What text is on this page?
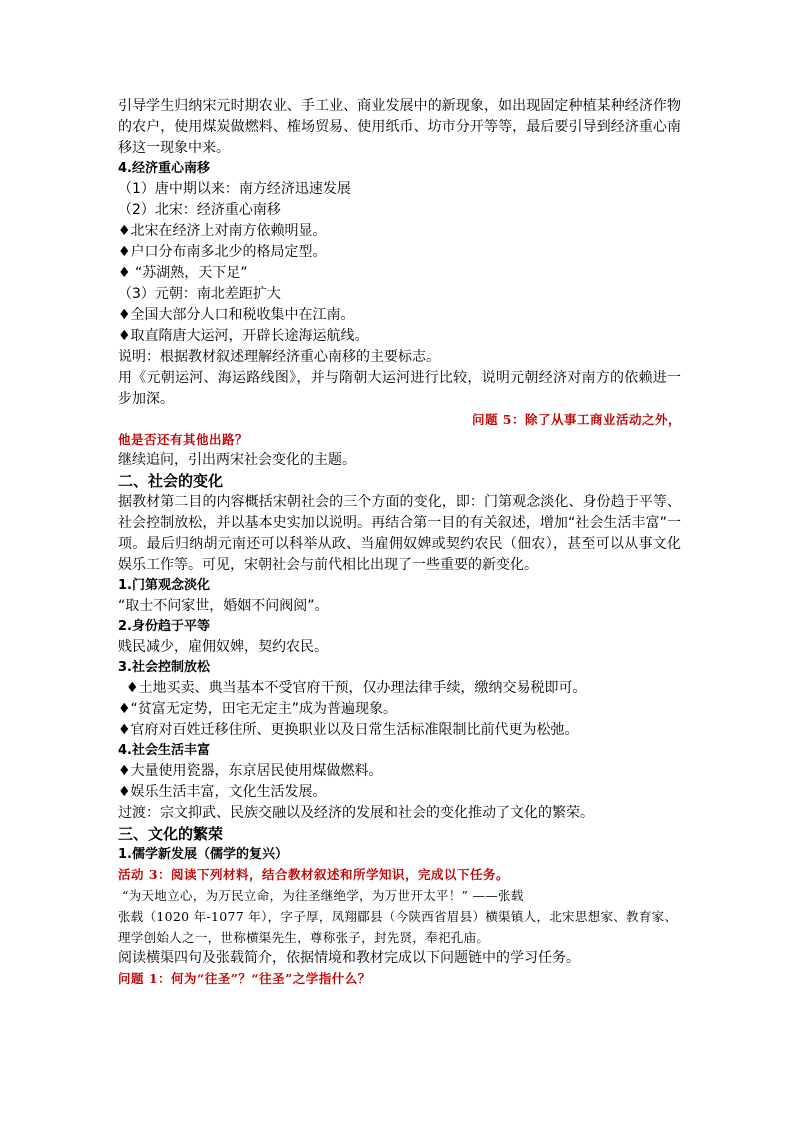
引导学生归纳宋元时期农业、手工业、商业发展中的新现象，如出现固定种植某种经济作物的农户，使用煤炭做燃料、榷场贸易、使用纸币、坊市分开等等，最后要引导到经济重心南移这一现象中来。

4.经济重心南移

（1）唐中期以来：南方经济迅速发展

（2）北宋：经济重心南移

♦北宋在经济上对南方依赖明显。

♦户口分布南多北少的格局定型。

♦ “苏湖熟，天下足”

（3）元朝：南北差距扩大

♦全国大部分人口和税收集中在江南。

♦取直隋唐大运河，开辟长途海运航线。

说明：根据教材叙述理解经济重心南移的主要标志。

用《元朝运河、海运路线图》，并与隋朝大运河进行比较，说明元朝经济对南方的依赖进一步加深。

问题 5：除了从事工商业活动之外，

他是否还有其他出路？

继续追问，引出两宋社会变化的主题。

二、社会的变化

据教材第二目的内容概括宋朝社会的三个方面的变化，即：门第观念淡化、身份趋于平等、社会控制放松，并以基本史实加以说明。再结合第一目的有关叙述，增加“社会生活丰富”一项。最后归纳胡元南还可以科举从政、当雇佣奴婢或契约农民（佃农），甚至可以从事文化娱乐工作等。可见，宋朝社会与前代相比出现了一些重要的新变化。

1.门第观念淡化

“取士不问家世，婚姻不问阀阅”。

2.身份趋于平等

贱民减少，雇佣奴婢，契约农民。

3.社会控制放松

♦土地买卖、典当基本不受官府干预，仅办理法律手续，缴纳交易税即可。

♦“贫富无定势，田宅无定主”成为普遍现象。

♦官府对百姓迁移住所、更换职业以及日常生活标准限制比前代更为松弛。

4.社会生活丰富

♦大量使用瓷器，东京居民使用煤做燃料。

♦娱乐生活丰富，文化生活发展。

过渡：宗文抑武、民族交融以及经济的发展和社会的变化推动了文化的繁荣。

三、文化的繁荣

1.儒学新发展（儒学的复兴）

活动 3：阅读下列材料，结合教材叙述和所学知识，完成以下任务。

“为天地立心，为万民立命，为往圣继绝学，为万世开太平！” ——张载

张载（1020 年-1077 年），字子厚，凤翔郿县（今陕西省眉县）横渠镇人，北宋思想家、教育家、理学创始人之一，世称横渠先生，尊称张子，封先贤，奉祀孔庙。

阅读横渠四句及张载简介，依据情境和教材完成以下问题链中的学习任务。

问题 1：何为“往圣”？“往圣”之学指什么？
